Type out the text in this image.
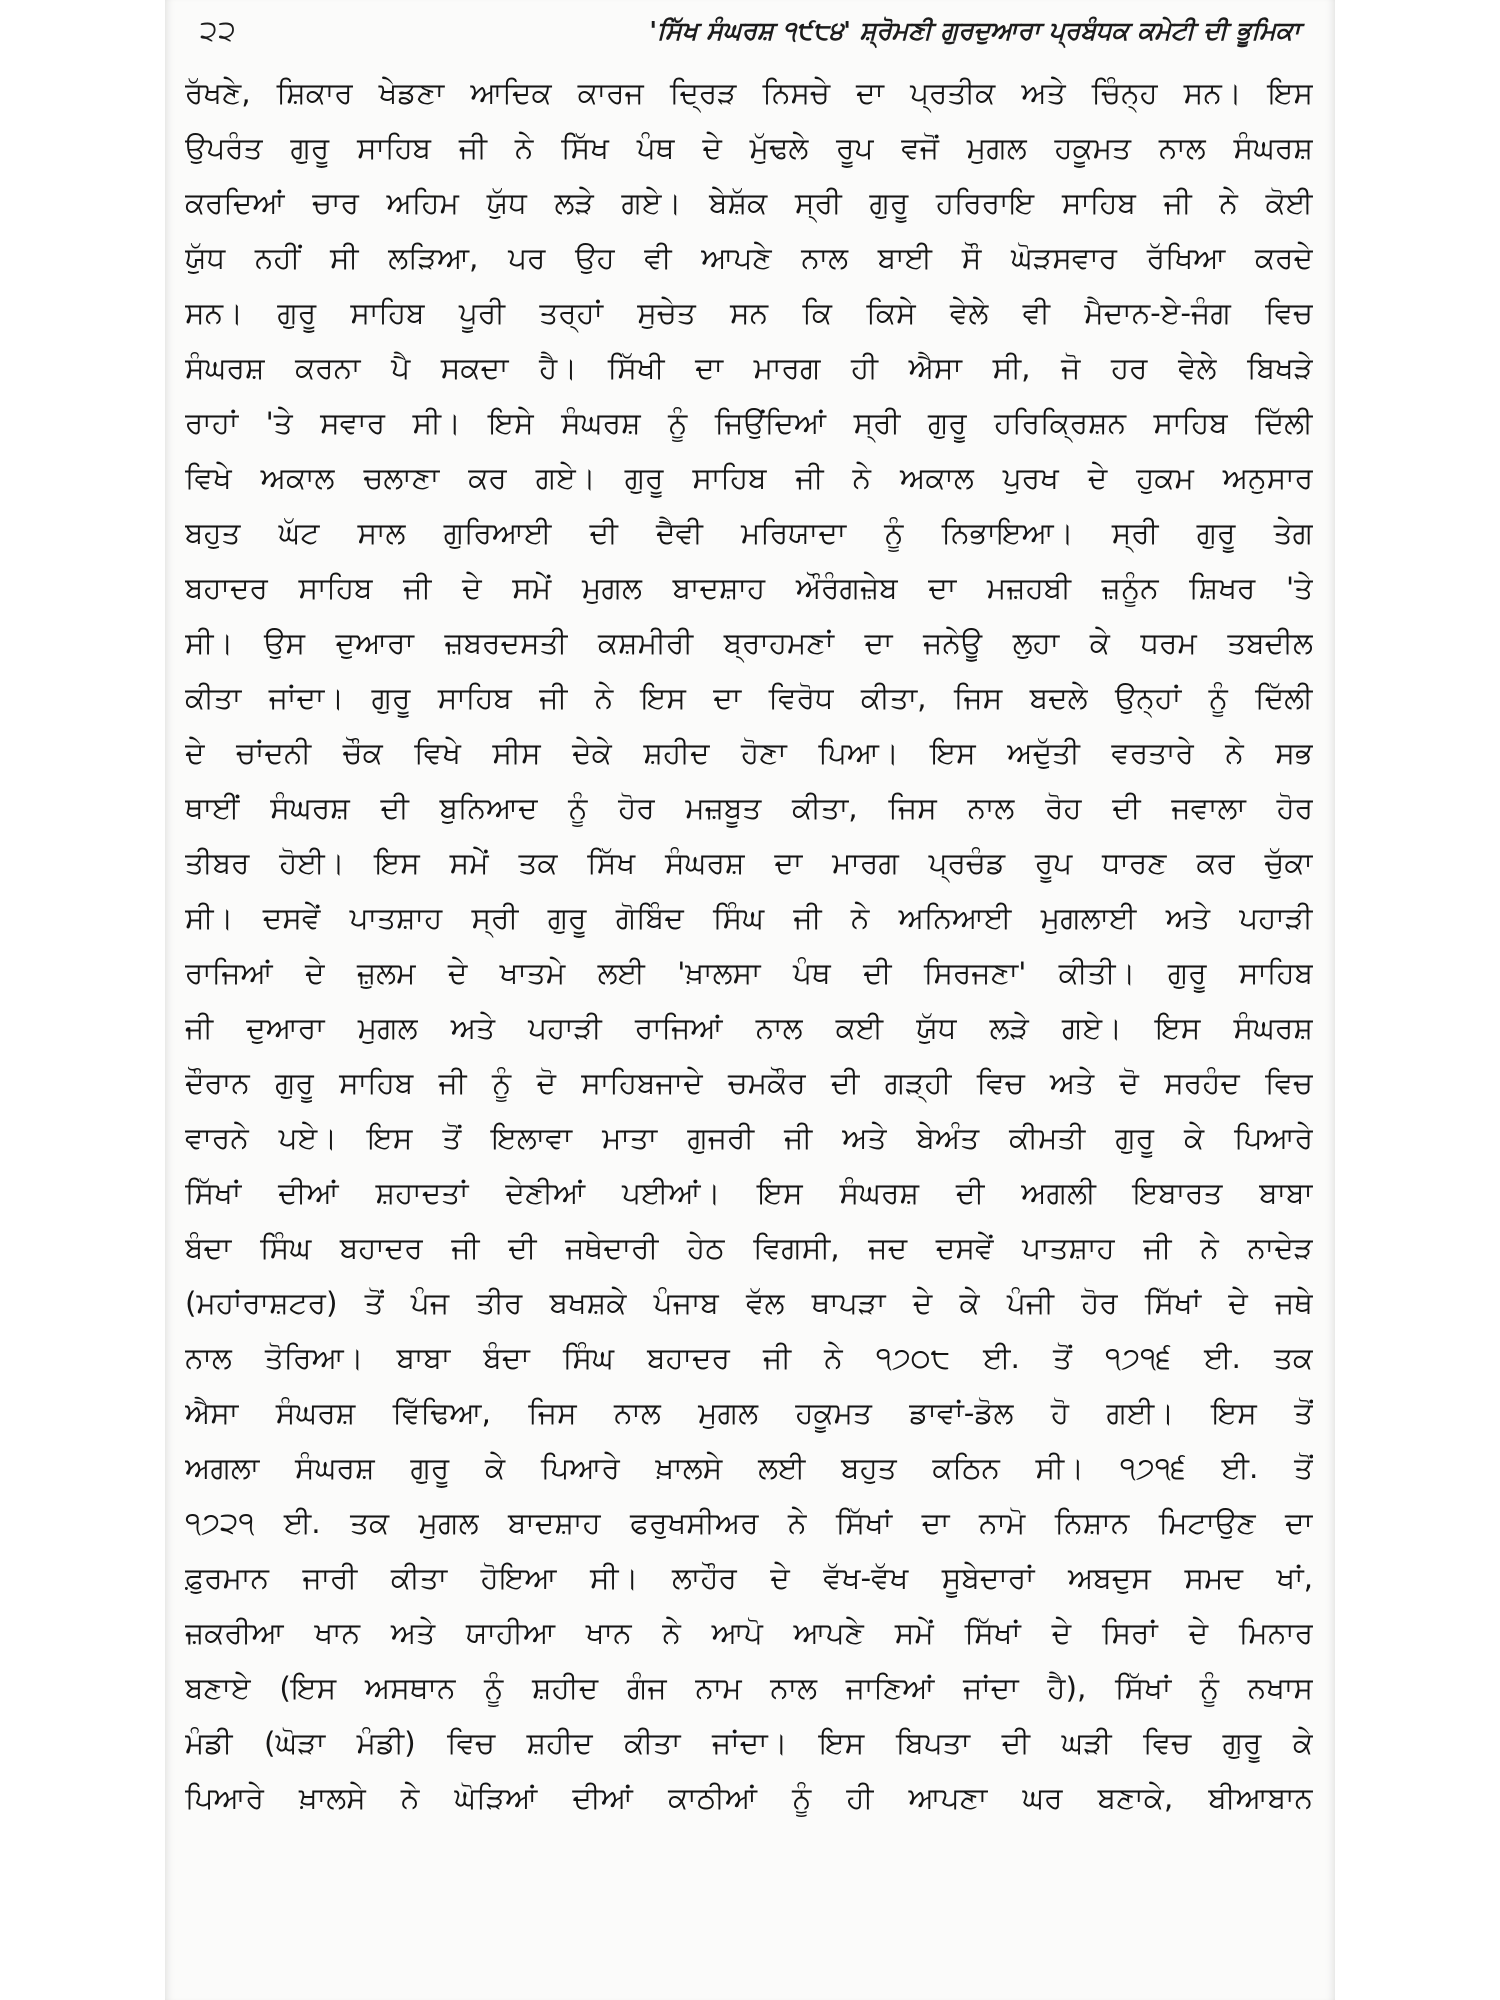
੨੨	'ਸਿੱਖ ਸੰਘਰਸ਼ ੧੯੮੪' ਸ਼੍ਰੋਮਣੀ ਗੁਰਦੁਆਰਾ ਪ੍ਰਬੰਧਕ ਕਮੇਟੀ ਦੀ ਭੂਮਿਕਾ
ਰੱਖਣੇ, ਸ਼ਿਕਾਰ ਖੇਡਣਾ ਆਦਿਕ ਕਾਰਜ ਦ੍ਰਿੜ ਨਿਸਚੇ ਦਾ ਪ੍ਰਤੀਕ ਅਤੇ ਚਿੰਨ੍ਹ ਸਨ। ਇਸ
ਉਪਰੰਤ ਗੁਰੂ ਸਾਹਿਬ ਜੀ ਨੇ ਸਿੱਖ ਪੰਥ ਦੇ ਮੁੱਢਲੇ ਰੂਪ ਵਜੋਂ ਮੁਗਲ ਹਕੂਮਤ ਨਾਲ ਸੰਘਰਸ਼
ਕਰਦਿਆਂ ਚਾਰ ਅਹਿਮ ਯੁੱਧ ਲੜੇ ਗਏ। ਬੇਸ਼ੱਕ ਸ੍ਰੀ ਗੁਰੂ ਹਰਿਰਾਇ ਸਾਹਿਬ ਜੀ ਨੇ ਕੋਈ
ਯੁੱਧ ਨਹੀਂ ਸੀ ਲੜਿਆ, ਪਰ ਉਹ ਵੀ ਆਪਣੇ ਨਾਲ ਬਾਈ ਸੌ ਘੋੜਸਵਾਰ ਰੱਖਿਆ ਕਰਦੇ
ਸਨ। ਗੁਰੂ ਸਾਹਿਬ ਪੂਰੀ ਤਰ੍ਹਾਂ ਸੁਚੇਤ ਸਨ ਕਿ ਕਿਸੇ ਵੇਲੇ ਵੀ ਮੈਦਾਨ-ਏ-ਜੰਗ ਵਿਚ
ਸੰਘਰਸ਼ ਕਰਨਾ ਪੈ ਸਕਦਾ ਹੈ। ਸਿੱਖੀ ਦਾ ਮਾਰਗ ਹੀ ਐਸਾ ਸੀ, ਜੋ ਹਰ ਵੇਲੇ ਬਿਖੜੇ
ਰਾਹਾਂ 'ਤੇ ਸਵਾਰ ਸੀ। ਇਸੇ ਸੰਘਰਸ਼ ਨੂੰ ਜਿਉਂਦਿਆਂ ਸ੍ਰੀ ਗੁਰੂ ਹਰਿਕ੍ਰਿਸ਼ਨ ਸਾਹਿਬ ਦਿੱਲੀ
ਵਿਖੇ ਅਕਾਲ ਚਲਾਣਾ ਕਰ ਗਏ। ਗੁਰੂ ਸਾਹਿਬ ਜੀ ਨੇ ਅਕਾਲ ਪੁਰਖ ਦੇ ਹੁਕਮ ਅਨੁਸਾਰ
ਬਹੁਤ ਘੱਟ ਸਾਲ ਗੁਰਿਆਈ ਦੀ ਦੈਵੀ ਮਰਿਯਾਦਾ ਨੂੰ ਨਿਭਾਇਆ। ਸ੍ਰੀ ਗੁਰੂ ਤੇਗ
ਬਹਾਦਰ ਸਾਹਿਬ ਜੀ ਦੇ ਸਮੇਂ ਮੁਗਲ ਬਾਦਸ਼ਾਹ ਔਰੰਗਜ਼ੇਬ ਦਾ ਮਜ਼ਹਬੀ ਜ਼ਨੂੰਨ ਸ਼ਿਖਰ 'ਤੇ
ਸੀ। ਉਸ ਦੁਆਰਾ ਜ਼ਬਰਦਸਤੀ ਕਸ਼ਮੀਰੀ ਬ੍ਰਾਹਮਣਾਂ ਦਾ ਜਨੇਊ ਲੁਹਾ ਕੇ ਧਰਮ ਤਬਦੀਲ
ਕੀਤਾ ਜਾਂਦਾ। ਗੁਰੂ ਸਾਹਿਬ ਜੀ ਨੇ ਇਸ ਦਾ ਵਿਰੋਧ ਕੀਤਾ, ਜਿਸ ਬਦਲੇ ਉਨ੍ਹਾਂ ਨੂੰ ਦਿੱਲੀ
ਦੇ ਚਾਂਦਨੀ ਚੌਕ ਵਿਖੇ ਸੀਸ ਦੇਕੇ ਸ਼ਹੀਦ ਹੋਣਾ ਪਿਆ। ਇਸ ਅਦੁੱਤੀ ਵਰਤਾਰੇ ਨੇ ਸਭ
ਥਾਈਂ ਸੰਘਰਸ਼ ਦੀ ਬੁਨਿਆਦ ਨੂੰ ਹੋਰ ਮਜ਼ਬੂਤ ਕੀਤਾ, ਜਿਸ ਨਾਲ ਰੋਹ ਦੀ ਜਵਾਲਾ ਹੋਰ
ਤੀਬਰ ਹੋਈ। ਇਸ ਸਮੇਂ ਤਕ ਸਿੱਖ ਸੰਘਰਸ਼ ਦਾ ਮਾਰਗ ਪ੍ਰਚੰਡ ਰੂਪ ਧਾਰਣ ਕਰ ਚੁੱਕਾ
ਸੀ। ਦਸਵੇਂ ਪਾਤਸ਼ਾਹ ਸ੍ਰੀ ਗੁਰੂ ਗੋਬਿੰਦ ਸਿੰਘ ਜੀ ਨੇ ਅਨਿਆਈ ਮੁਗਲਾਈ ਅਤੇ ਪਹਾੜੀ
ਰਾਜਿਆਂ ਦੇ ਜ਼ੁਲਮ ਦੇ ਖਾਤਮੇ ਲਈ 'ਖ਼ਾਲਸਾ ਪੰਥ ਦੀ ਸਿਰਜਣਾ' ਕੀਤੀ। ਗੁਰੂ ਸਾਹਿਬ
ਜੀ ਦੁਆਰਾ ਮੁਗਲ ਅਤੇ ਪਹਾੜੀ ਰਾਜਿਆਂ ਨਾਲ ਕਈ ਯੁੱਧ ਲੜੇ ਗਏ। ਇਸ ਸੰਘਰਸ਼
ਦੌਰਾਨ ਗੁਰੂ ਸਾਹਿਬ ਜੀ ਨੂੰ ਦੋ ਸਾਹਿਬਜਾਦੇ ਚਮਕੌਰ ਦੀ ਗੜ੍ਹੀ ਵਿਚ ਅਤੇ ਦੋ ਸਰਹੰਦ ਵਿਚ
ਵਾਰਨੇ ਪਏ। ਇਸ ਤੋਂ ਇਲਾਵਾ ਮਾਤਾ ਗੁਜਰੀ ਜੀ ਅਤੇ ਬੇਅੰਤ ਕੀਮਤੀ ਗੁਰੂ ਕੇ ਪਿਆਰੇ
ਸਿੱਖਾਂ ਦੀਆਂ ਸ਼ਹਾਦਤਾਂ ਦੇਣੀਆਂ ਪਈਆਂ। ਇਸ ਸੰਘਰਸ਼ ਦੀ ਅਗਲੀ ਇਬਾਰਤ ਬਾਬਾ
ਬੰਦਾ ਸਿੰਘ ਬਹਾਦਰ ਜੀ ਦੀ ਜਥੇਦਾਰੀ ਹੇਠ ਵਿਗਸੀ, ਜਦ ਦਸਵੇਂ ਪਾਤਸ਼ਾਹ ਜੀ ਨੇ ਨਾਦੇੜ
(ਮਹਾਂਰਾਸ਼ਟਰ) ਤੋਂ ਪੰਜ ਤੀਰ ਬਖਸ਼ਕੇ ਪੰਜਾਬ ਵੱਲ ਥਾਪੜਾ ਦੇ ਕੇ ਪੰਜੀ ਹੋਰ ਸਿੱਖਾਂ ਦੇ ਜਥੇ
ਨਾਲ ਤੋਰਿਆ। ਬਾਬਾ ਬੰਦਾ ਸਿੰਘ ਬਹਾਦਰ ਜੀ ਨੇ ੧੭੦੮ ਈ. ਤੋਂ ੧੭੧੬ ਈ. ਤਕ
ਐਸਾ ਸੰਘਰਸ਼ ਵਿੱਢਿਆ, ਜਿਸ ਨਾਲ ਮੁਗਲ ਹਕੂਮਤ ਡਾਵਾਂ-ਡੋਲ ਹੋ ਗਈ। ਇਸ ਤੋਂ
ਅਗਲਾ ਸੰਘਰਸ਼ ਗੁਰੂ ਕੇ ਪਿਆਰੇ ਖ਼ਾਲਸੇ ਲਈ ਬਹੁਤ ਕਠਿਨ ਸੀ। ੧੭੧੬ ਈ. ਤੋਂ
੧੭੨੧ ਈ. ਤਕ ਮੁਗਲ ਬਾਦਸ਼ਾਹ ਫਰੁਖਸੀਅਰ ਨੇ ਸਿੱਖਾਂ ਦਾ ਨਾਮੋ ਨਿਸ਼ਾਨ ਮਿਟਾਉਣ ਦਾ
ਫ਼ੁਰਮਾਨ ਜਾਰੀ ਕੀਤਾ ਹੋਇਆ ਸੀ। ਲਾਹੌਰ ਦੇ ਵੱਖ-ਵੱਖ ਸੂਬੇਦਾਰਾਂ ਅਬਦੁਸ ਸਮਦ ਖਾਂ,
ਜ਼ਕਰੀਆ ਖਾਨ ਅਤੇ ਯਾਹੀਆ ਖਾਨ ਨੇ ਆਪੋ ਆਪਣੇ ਸਮੇਂ ਸਿੱਖਾਂ ਦੇ ਸਿਰਾਂ ਦੇ ਮਿਨਾਰ
ਬਣਾਏ (ਇਸ ਅਸਥਾਨ ਨੂੰ ਸ਼ਹੀਦ ਗੰਜ ਨਾਮ ਨਾਲ ਜਾਣਿਆਂ ਜਾਂਦਾ ਹੈ), ਸਿੱਖਾਂ ਨੂੰ ਨਖਾਸ
ਮੰਡੀ (ਘੋੜਾ ਮੰਡੀ) ਵਿਚ ਸ਼ਹੀਦ ਕੀਤਾ ਜਾਂਦਾ। ਇਸ ਬਿਪਤਾ ਦੀ ਘੜੀ ਵਿਚ ਗੁਰੂ ਕੇ
ਪਿਆਰੇ ਖ਼ਾਲਸੇ ਨੇ ਘੋੜਿਆਂ ਦੀਆਂ ਕਾਠੀਆਂ ਨੂੰ ਹੀ ਆਪਣਾ ਘਰ ਬਣਾਕੇ, ਬੀਆਬਾਨ
